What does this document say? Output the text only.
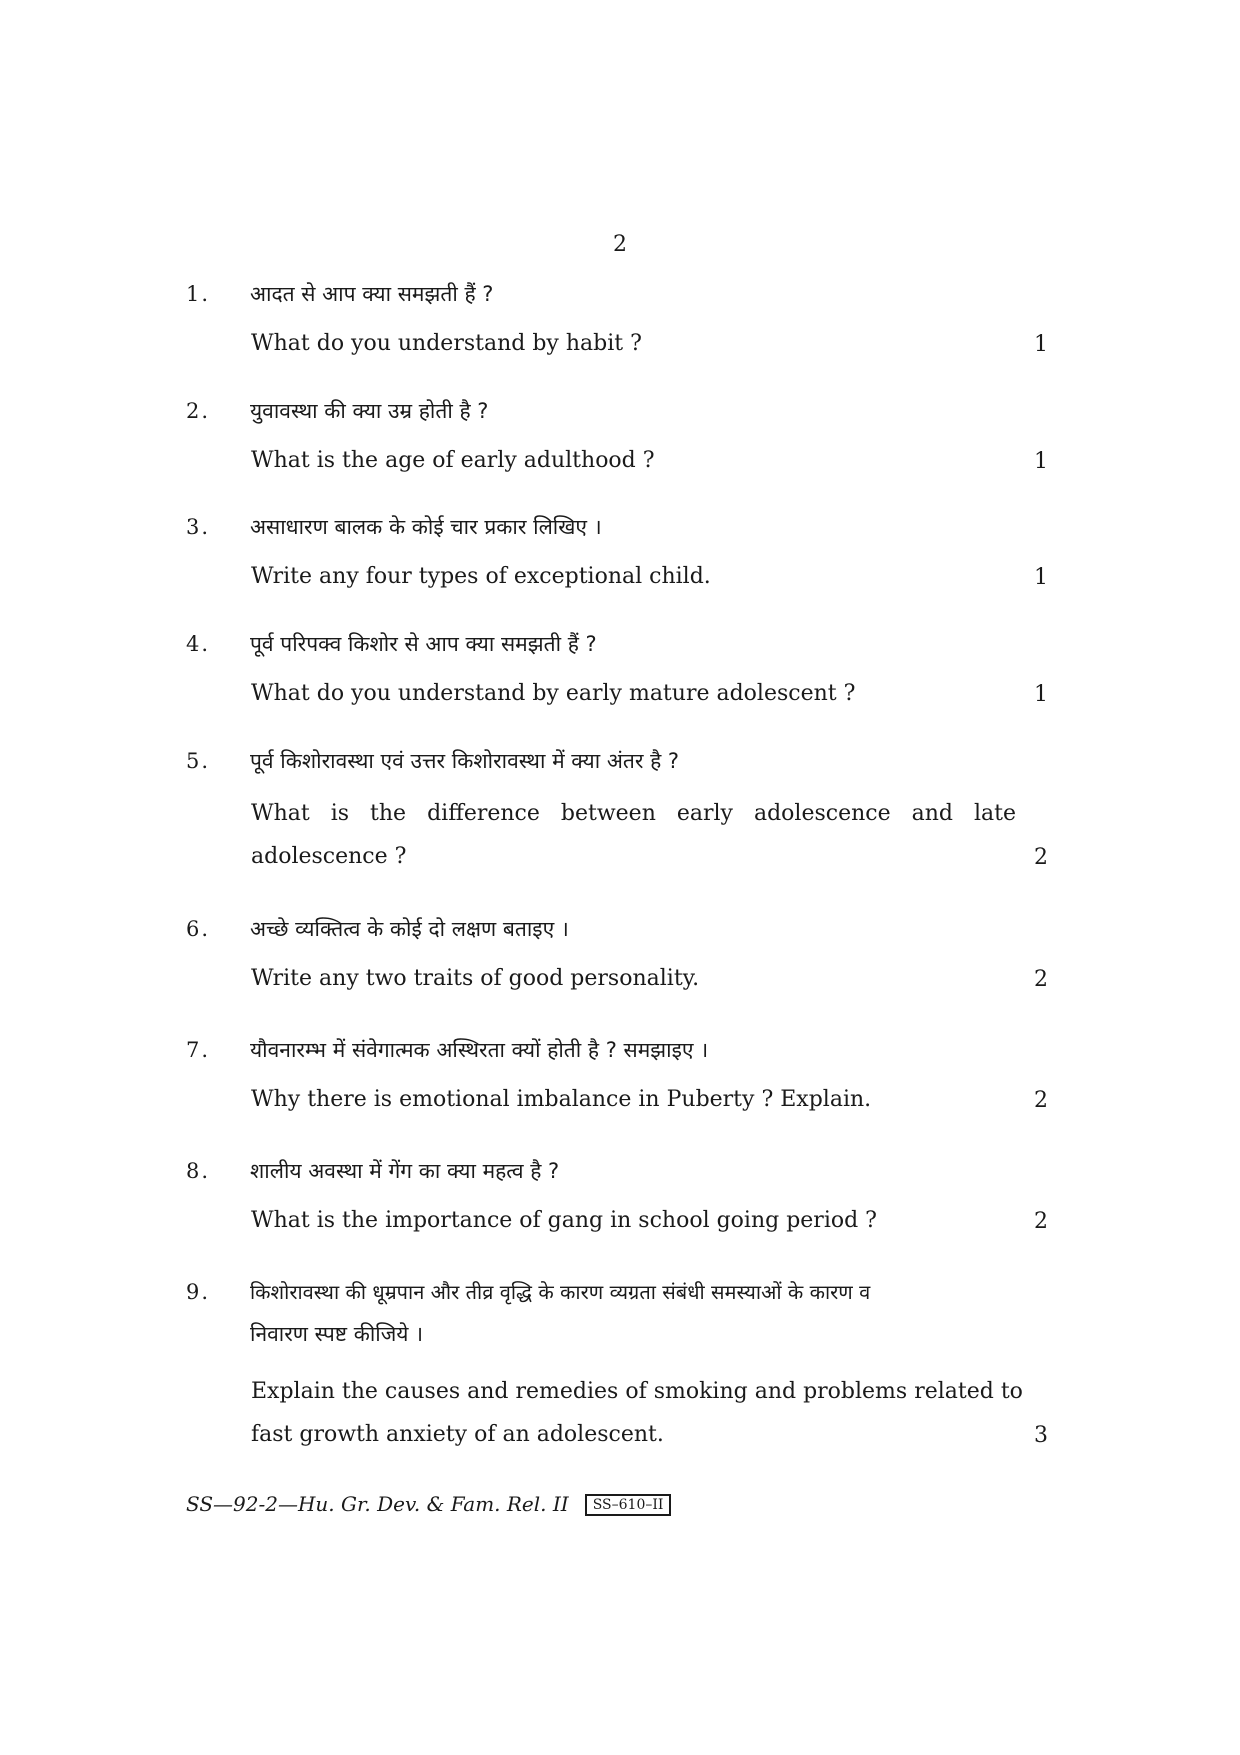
2
1. आदत से आप क्या समझती हैं ?
What do you understand by habit ?	1
2. युवावस्था की क्या उम्र होती है ?
What is the age of early adulthood ?	1
3. असाधारण बालक के कोई चार प्रकार लिखिए ।
Write any four types of exceptional child.	1
4. पूर्व परिपक्व किशोर से आप क्या समझती हैं ?
What do you understand by early mature adolescent ?	1
5. पूर्व किशोरावस्था एवं उत्तर किशोरावस्था में क्या अंतर है ?
What is the difference between early adolescence and late
adolescence ?	2
6. अच्छे व्यक्तित्व के कोई दो लक्षण बताइए ।
Write any two traits of good personality.	2
7. यौवनारम्भ में संवेगात्मक अस्थिरता क्यों होती है ? समझाइए ।
Why there is emotional imbalance in Puberty ? Explain.	2
8. शालीय अवस्था में गेंग का क्या महत्व है ?
What is the importance of gang in school going period ?	2
9. किशोरावस्था की धूम्रपान और तीव्र वृद्धि के कारण व्यग्रता संबंधी समस्याओं के कारण व
निवारण स्पष्ट कीजिये ।
Explain the causes and remedies of smoking and problems related to
fast growth anxiety of an adolescent.	3
SS—92-2—Hu. Gr. Dev. & Fam. Rel. II SS–610–II
